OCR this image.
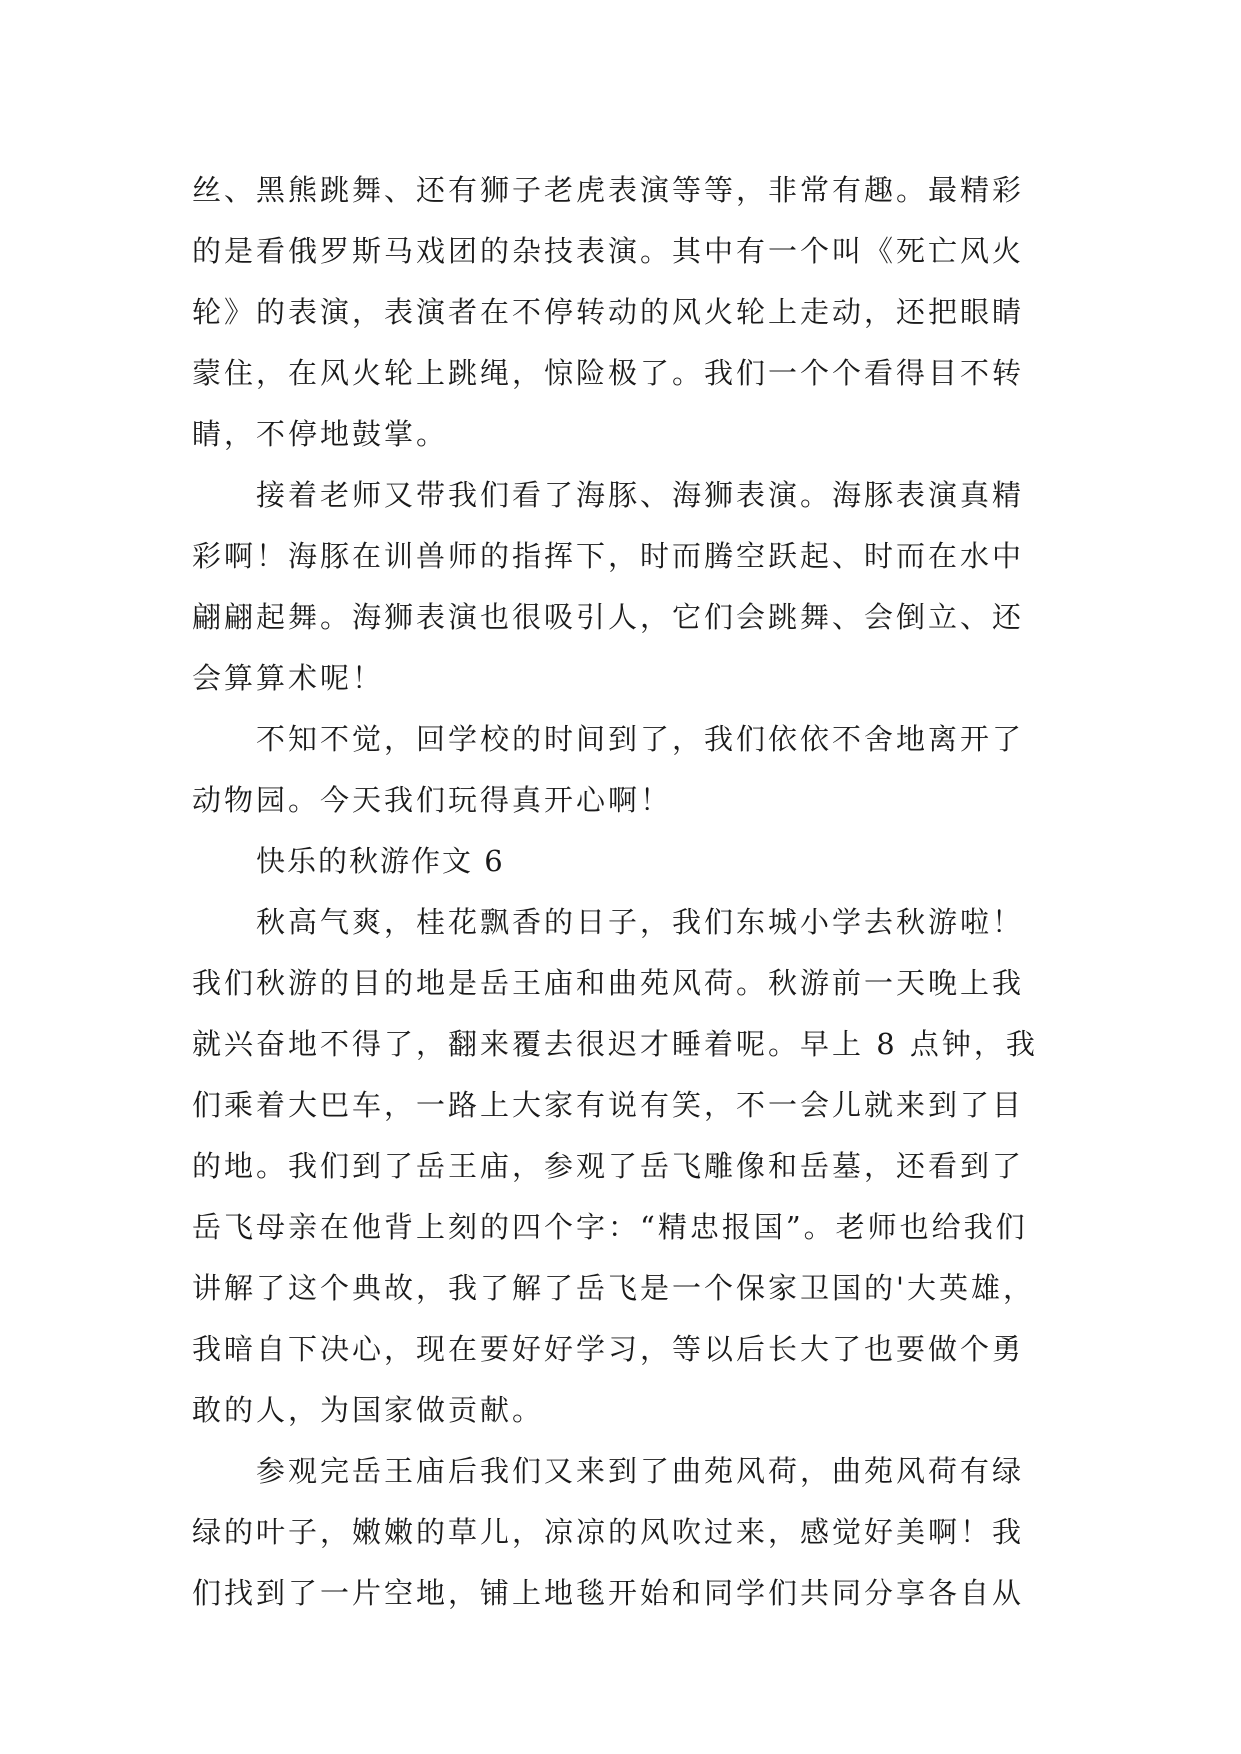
丝、黑熊跳舞、还有狮子老虎表演等等，非常有趣。最精彩
的是看俄罗斯马戏团的杂技表演。其中有一个叫《死亡风火
轮》的表演，表演者在不停转动的风火轮上走动，还把眼睛
蒙住，在风火轮上跳绳，惊险极了。我们一个个看得目不转
睛，不停地鼓掌。
接着老师又带我们看了海豚、海狮表演。海豚表演真精
彩啊！海豚在训兽师的指挥下，时而腾空跃起、时而在水中
翩翩起舞。海狮表演也很吸引人，它们会跳舞、会倒立、还
会算算术呢！
不知不觉，回学校的时间到了，我们依依不舍地离开了
动物园。今天我们玩得真开心啊！
快乐的秋游作文 6
秋高气爽，桂花飘香的日子，我们东城小学去秋游啦！
我们秋游的目的地是岳王庙和曲苑风荷。秋游前一天晚上我
就兴奋地不得了，翻来覆去很迟才睡着呢。早上 8 点钟，我
们乘着大巴车，一路上大家有说有笑，不一会儿就来到了目
的地。我们到了岳王庙，参观了岳飞雕像和岳墓，还看到了
岳飞母亲在他背上刻的四个字：“精忠报国”。老师也给我们
讲解了这个典故，我了解了岳飞是一个保家卫国的'大英雄，
我暗自下决心，现在要好好学习，等以后长大了也要做个勇
敢的人，为国家做贡献。
参观完岳王庙后我们又来到了曲苑风荷，曲苑风荷有绿
绿的叶子，嫩嫩的草儿，凉凉的风吹过来，感觉好美啊！我
们找到了一片空地，铺上地毯开始和同学们共同分享各自从
